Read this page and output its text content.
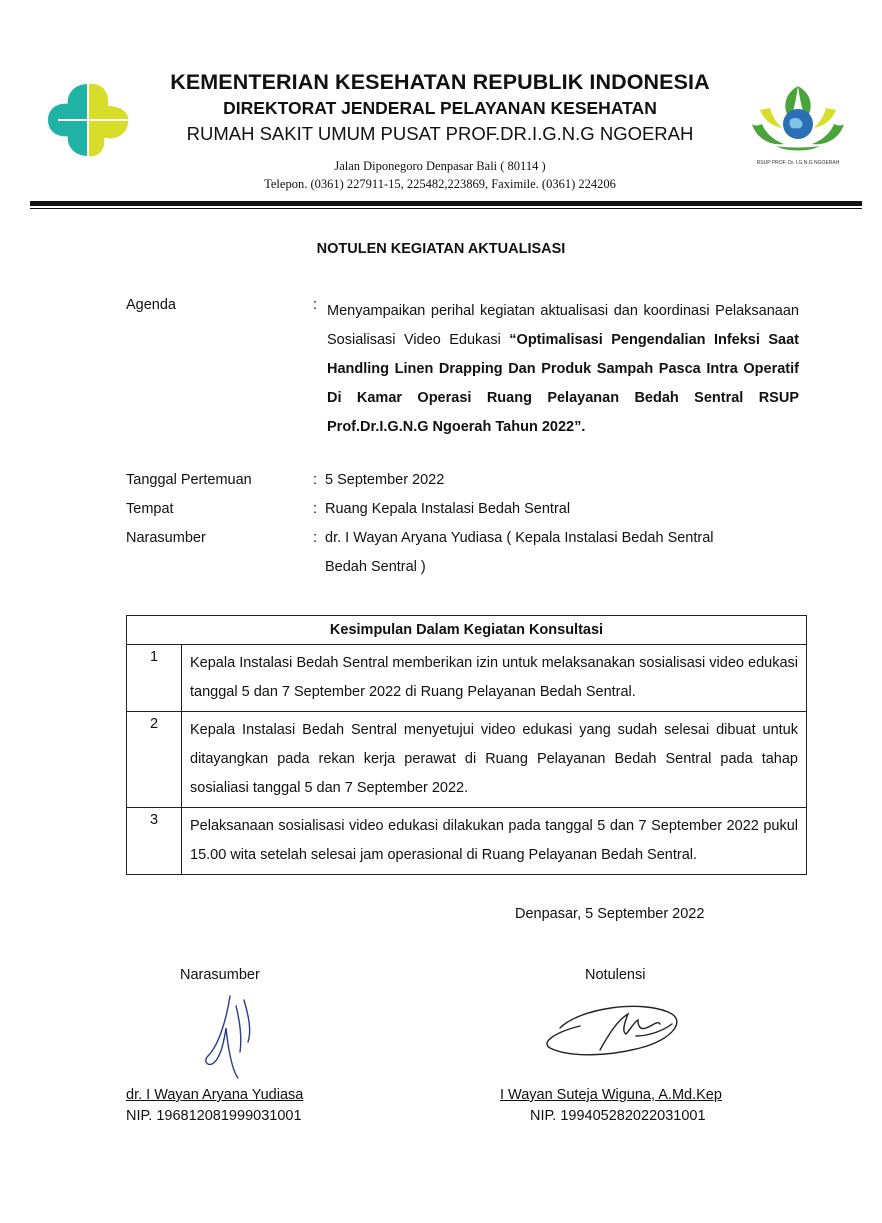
KEMENTERIAN KESEHATAN REPUBLIK INDONESIA
DIREKTORAT JENDERAL PELAYANAN KESEHATAN
RUMAH SAKIT UMUM PUSAT PROF.DR.I.G.N.G NGOERAH
Jalan Diponegoro Denpasar Bali ( 80114 )
Telepon. (0361) 227911-15, 225482,223869, Faximile. (0361) 224206
RSUP PROF. Dr. I.G.N.G NGOERAH
NOTULEN KEGIATAN AKTUALISASI
Agenda	: Menyampaikan perihal kegiatan aktualisasi dan koordinasi Pelaksanaan Sosialisasi Video Edukasi “Optimalisasi Pengendalian Infeksi Saat Handling Linen Drapping Dan Produk Sampah Pasca Intra Operatif Di Kamar Operasi Ruang Pelayanan Bedah Sentral RSUP Prof.Dr.I.G.N.G Ngoerah Tahun 2022”.
Tanggal Pertemuan	: 5 September 2022
Tempat	: Ruang Kepala Instalasi Bedah Sentral
Narasumber	: dr. I Wayan Aryana Yudiasa ( Kepala Instalasi Bedah Sentral
Bedah Sentral )
Kesimpulan Dalam Kegiatan Konsultasi	
1	Kepala Instalasi Bedah Sentral memberikan izin untuk melaksanakan sosialisasi video edukasi tanggal 5 dan 7 September 2022 di Ruang Pelayanan Bedah Sentral.
2	Kepala Instalasi Bedah Sentral menyetujui video edukasi yang sudah selesai dibuat untuk ditayangkan pada rekan kerja perawat di Ruang Pelayanan Bedah Sentral pada tahap sosialiasi tanggal 5 dan 7 September 2022.
3	Pelaksanaan sosialisasi video edukasi dilakukan pada tanggal 5 dan 7 September 2022 pukul 15.00 wita setelah selesai jam operasional di Ruang Pelayanan Bedah Sentral.
Denpasar, 5 September 2022
Narasumber	Notulensi
dr. I Wayan Aryana Yudiasa
NIP. 196812081999031001
I Wayan Suteja Wiguna, A.Md.Kep
NIP. 199405282022031001
